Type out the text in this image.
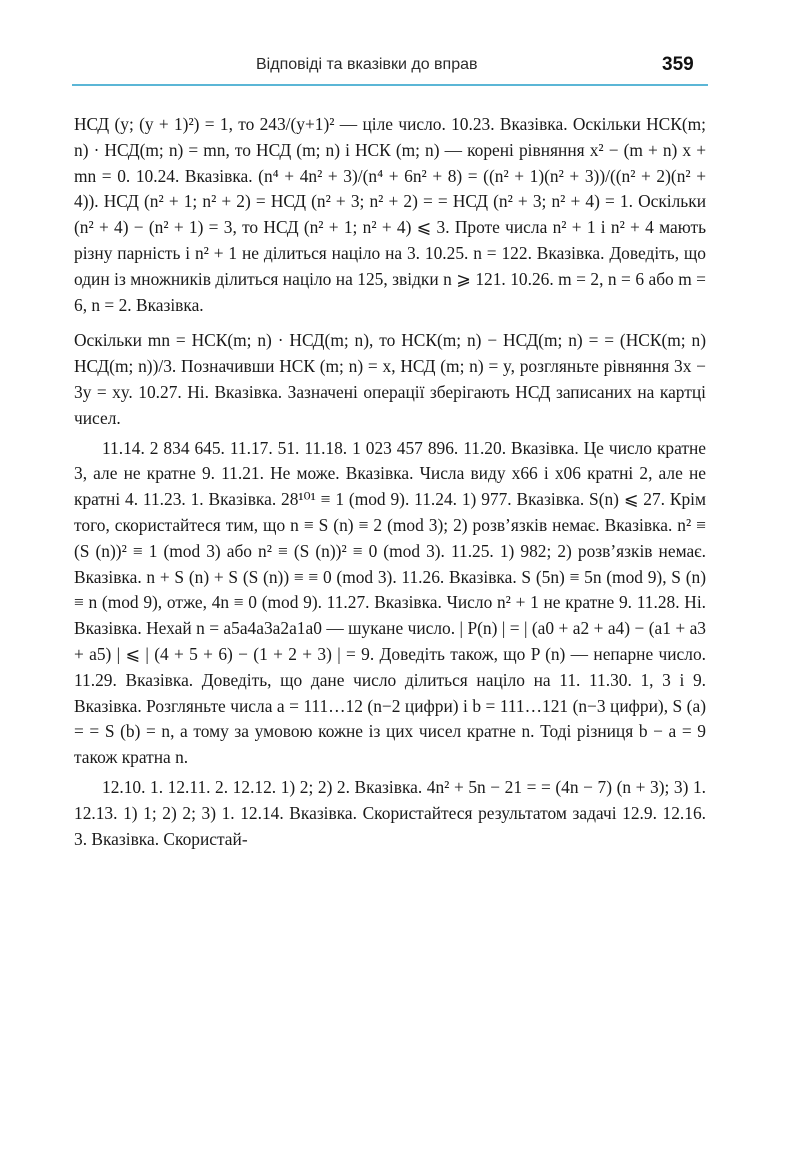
Відповіді та вказівки до вправ	359

НСД (y; (y + 1)²) = 1, то 243/(y+1)² — ціле число. 10.23. Вказівка. Оскільки НСК(m; n) · НСД(m; n) = mn, то НСД (m; n) і НСК (m; n) — корені рівняння x² − (m + n) x + mn = 0. 10.24. Вказівка. (n⁴ + 4n² + 3)/(n⁴ + 6n² + 8) = ((n² + 1)(n² + 3))/((n² + 2)(n² + 4)). НСД (n² + 1; n² + 2) = НСД (n² + 3; n² + 2) = = НСД (n² + 3; n² + 4) = 1. Оскільки (n² + 4) − (n² + 1) = 3, то НСД (n² + 1; n² + 4) ⩽ 3. Проте числа n² + 1 і n² + 4 мають різну парність і n² + 1 не ділиться націло на 3. 10.25. n = 122. Вказівка. Доведіть, що один із множників ділиться націло на 125, звідки n ⩾ 121. 10.26. m = 2, n = 6 або m = 6, n = 2. Вказівка.

Оскільки mn = НСК(m; n) · НСД(m; n), то НСК(m; n) − НСД(m; n) = = (НСК(m; n) НСД(m; n))/3. Позначивши НСК (m; n) = x, НСД (m; n) = y, розгляньте рівняння 3x − 3y = xy. 10.27. Ні. Вказівка. Зазначені операції зберігають НСД записаних на картці чисел.

11.14. 2 834 645. 11.17. 51. 11.18. 1 023 457 896. 11.20. Вказівка. Це число кратне 3, але не кратне 9. 11.21. Не може. Вказівка. Числа виду x66 і x06 кратні 2, але не кратні 4. 11.23. 1. Вказівка. 28¹⁰¹ ≡ 1 (mod 9). 11.24. 1) 977. Вказівка. S(n) ⩽ 27. Крім того, скористайтеся тим, що n ≡ S (n) ≡ 2 (mod 3); 2) розв’язків немає. Вказівка. n² ≡ (S (n))² ≡ 1 (mod 3) або n² ≡ (S (n))² ≡ 0 (mod 3). 11.25. 1) 982; 2) розв’язків немає. Вказівка. n + S (n) + S (S (n)) ≡ ≡ 0 (mod 3). 11.26. Вказівка. S (5n) ≡ 5n (mod 9), S (n) ≡ n (mod 9), отже, 4n ≡ 0 (mod 9). 11.27. Вказівка. Число n² + 1 не кратне 9. 11.28. Ні. Вказівка. Нехай n = a5a4a3a2a1a0 — шукане число. | P(n) | = | (a0 + a2 + a4) − (a1 + a3 + a5) | ⩽ | (4 + 5 + 6) − (1 + 2 + 3) | = 9. Доведіть також, що P (n) — непарне число. 11.29. Вказівка. Доведіть, що дане число ділиться націло на 11. 11.30. 1, 3 і 9. Вказівка. Розгляньте числа a = 111…12 (n−2 цифри) і b = 111…121 (n−3 цифри), S (a) = = S (b) = n, а тому за умовою кожне із цих чисел кратне n. Тоді різниця b − a = 9 також кратна n.

12.10. 1. 12.11. 2. 12.12. 1) 2; 2) 2. Вказівка. 4n² + 5n − 21 = = (4n − 7) (n + 3); 3) 1. 12.13. 1) 1; 2) 2; 3) 1. 12.14. Вказівка. Скористайтеся результатом задачі 12.9. 12.16. 3. Вказівка. Скористай-
